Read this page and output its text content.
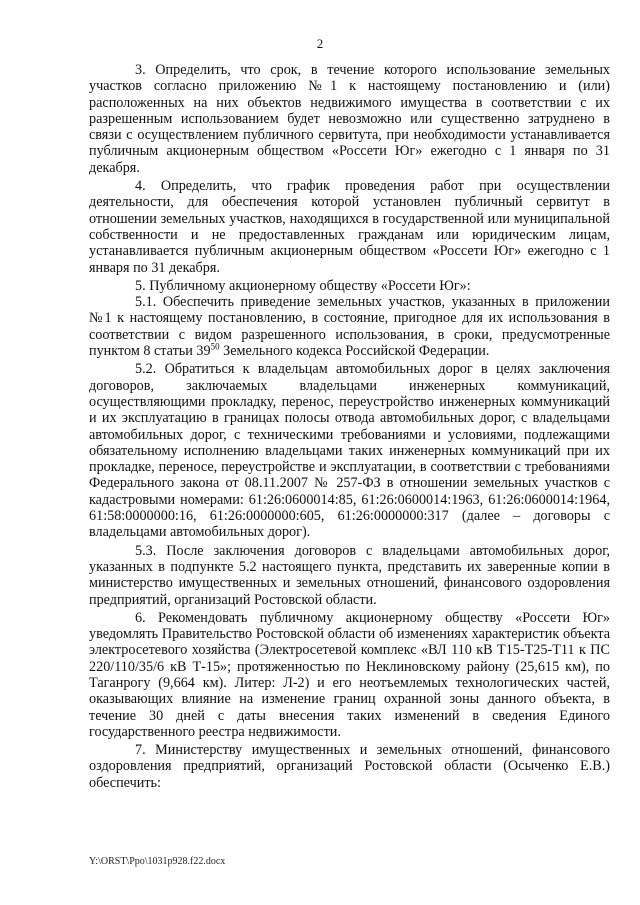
2

3. Определить, что срок, в течение которого использование земельных участков согласно приложению №1 к настоящему постановлению и (или) расположенных на них объектов недвижимого имущества в соответствии с их разрешенным использованием будет невозможно или существенно затруднено в связи с осуществлением публичного сервитута, при необходимости устанавливается публичным акционерным обществом «Россети Юг» ежегодно с 1 января по 31 декабря.

4. Определить, что график проведения работ при осуществлении деятельности, для обеспечения которой установлен публичный сервитут в отношении земельных участков, находящихся в государственной или муниципальной собственности и не предоставленных гражданам или юридическим лицам, устанавливается публичным акционерным обществом «Россети Юг» ежегодно с 1 января по 31 декабря.

5. Публичному акционерному обществу «Россети Юг»:

5.1. Обеспечить приведение земельных участков, указанных в приложении №1 к настоящему постановлению, в состояние, пригодное для их использования в соответствии с видом разрешенного использования, в сроки, предусмотренные пунктом 8 статьи $39^{50}$ Земельного кодекса Российской Федерации.

5.2. Обратиться к владельцам автомобильных дорог в целях заключения договоров, заключаемых владельцами инженерных коммуникаций, осуществляющими прокладку, перенос, переустройство инженерных коммуникаций и их эксплуатацию в границах полосы отвода автомобильных дорог, с владельцами автомобильных дорог, с техническими требованиями и условиями, подлежащими обязательному исполнению владельцами таких инженерных коммуникаций при их прокладке, переносе, переустройстве и эксплуатации, в соответствии с требованиями Федерального закона от 08.11.2007 № 257-ФЗ в отношении земельных участков с кадастровыми номерами: 61:26:0600014:85, 61:26:0600014:1963, 61:26:0600014:1964, 61:58:0000000:16, 61:26:0000000:605, 61:26:0000000:317 (далее – договоры с владельцами автомобильных дорог).

5.3. После заключения договоров с владельцами автомобильных дорог, указанных в подпункте 5.2 настоящего пункта, представить их заверенные копии в министерство имущественных и земельных отношений, финансового оздоровления предприятий, организаций Ростовской области.

6. Рекомендовать публичному акционерному обществу «Россети Юг» уведомлять Правительство Ростовской области об изменениях характеристик объекта электросетевого хозяйства (Электросетевой комплекс «ВЛ 110 кВ Т15-Т25-Т11 к ПС 220/110/35/6 кВ Т-15»; протяженностью по Неклиновскому району (25,615 км), по Таганрогу (9,664 км). Литер: Л-2) и его неотъемлемых технологических частей, оказывающих влияние на изменение границ охранной зоны данного объекта, в течение 30 дней с даты внесения таких изменений в сведения Единого государственного реестра недвижимости.

7. Министерству имущественных и земельных отношений, финансового оздоровления предприятий, организаций Ростовской области (Осыченко Е.В.) обеспечить:

Y:\ORST\Ppo\1031p928.f22.docx
